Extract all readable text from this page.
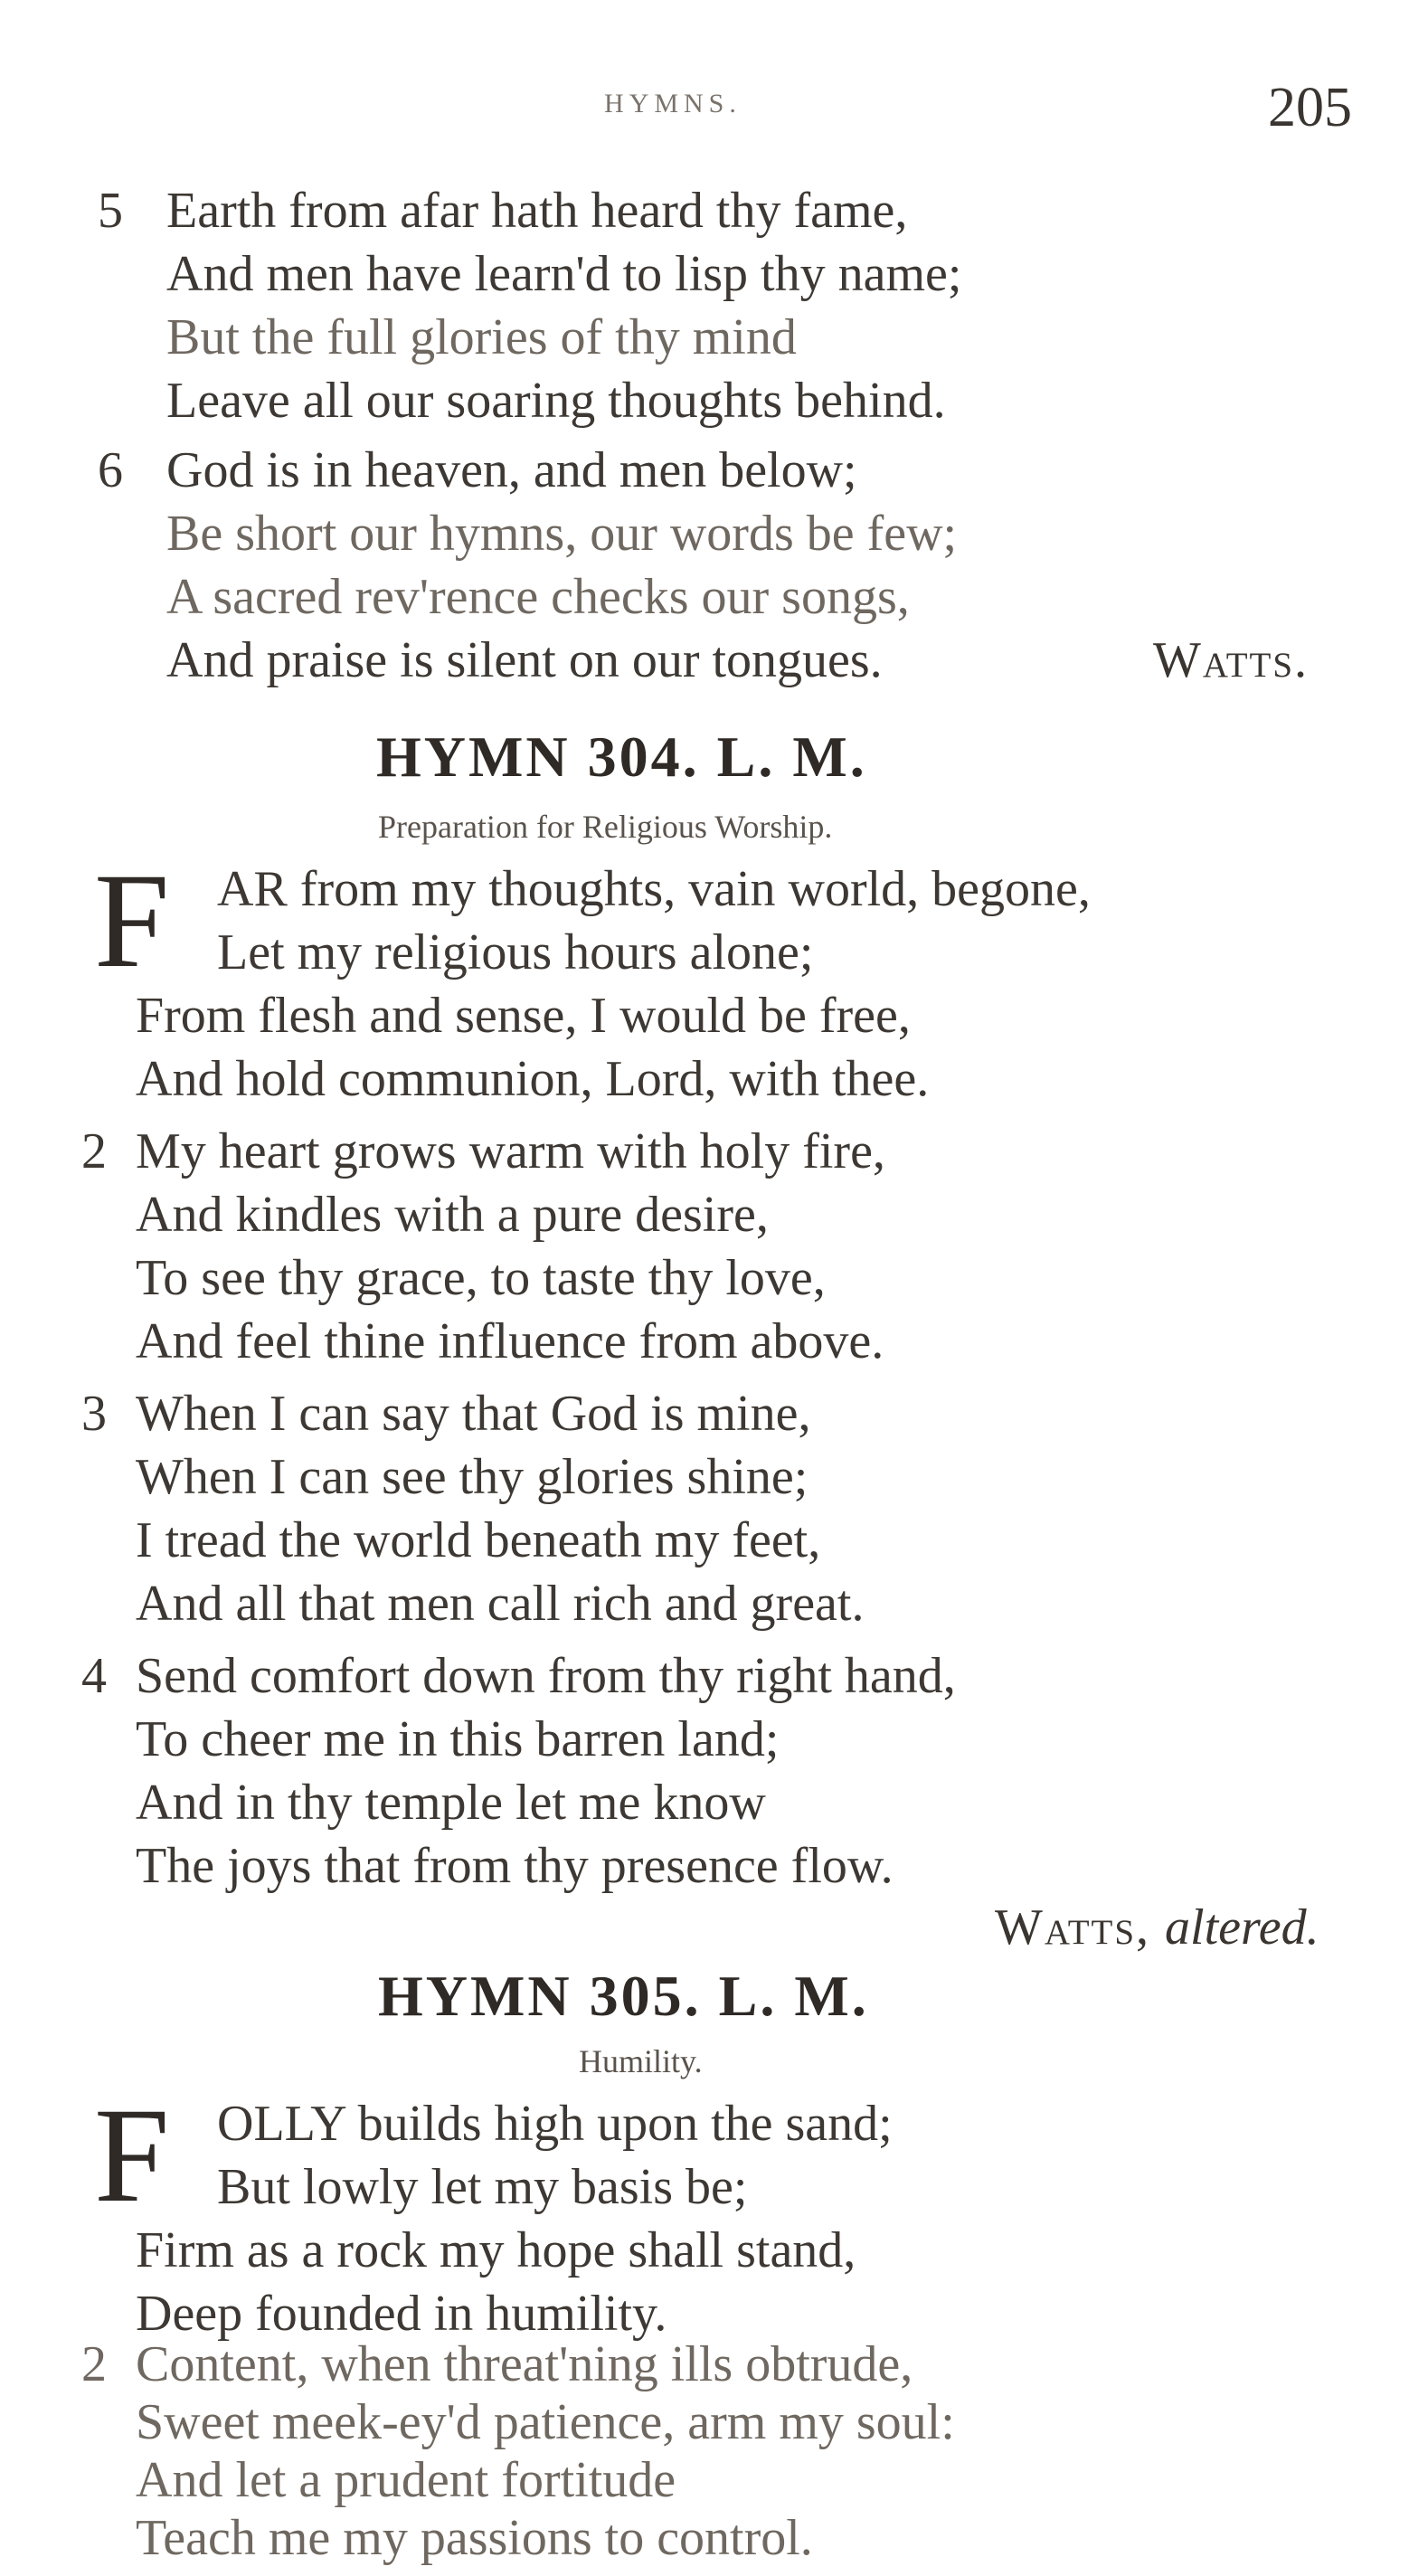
HYMNS.	205
5 Earth from afar hath heard thy fame,
And men have learn'd to lisp thy name;
But the full glories of thy mind
Leave all our soaring thoughts behind.
6 God is in heaven, and men below;
Be short our hymns, our words be few;
A sacred rev'rence checks our songs,
And praise is silent on our tongues.	Watts.
HYMN 304. L. M.
Preparation for Religious Worship.
F AR from my thoughts, vain world, begone,
Let my religious hours alone;
From flesh and sense, I would be free,
And hold communion, Lord, with thee.
2 My heart grows warm with holy fire,
And kindles with a pure desire,
To see thy grace, to taste thy love,
And feel thine influence from above.
3 When I can say that God is mine,
When I can see thy glories shine;
I tread the world beneath my feet,
And all that men call rich and great.
4 Send comfort down from thy right hand,
To cheer me in this barren land;
And in thy temple let me know
The joys that from thy presence flow.
Watts, altered.
HYMN 305. L. M.
Humility.
F OLLY builds high upon the sand;
But lowly let my basis be;
Firm as a rock my hope shall stand,
Deep founded in humility.
2 Content, when threat'ning ills obtrude,
Sweet meek-ey'd patience, arm my soul:
And let a prudent fortitude
Teach me my passions to control.
